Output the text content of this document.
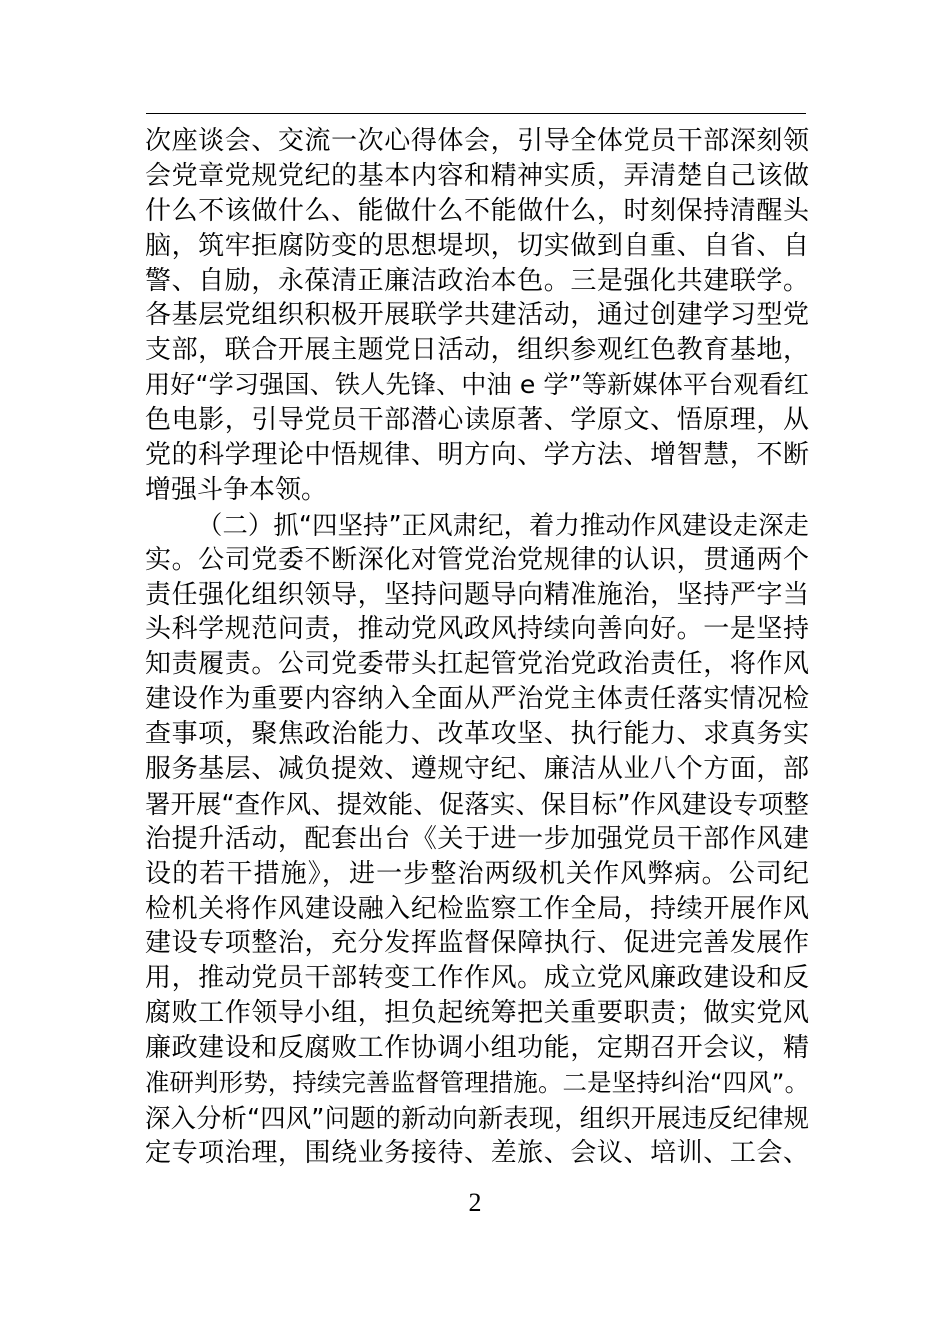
次座谈会、交流一次心得体会，引导全体党员干部深刻领
会党章党规党纪的基本内容和精神实质，弄清楚自己该做
什么不该做什么、能做什么不能做什么，时刻保持清醒头
脑，筑牢拒腐防变的思想堤坝，切实做到自重、自省、自
警、自励，永葆清正廉洁政治本色。三是强化共建联学。
各基层党组织积极开展联学共建活动，通过创建学习型党
支部，联合开展主题党日活动，组织参观红色教育基地，
用好“学习强国、铁人先锋、中油 e 学”等新媒体平台观看红
色电影，引导党员干部潜心读原著、学原文、悟原理，从
党的科学理论中悟规律、明方向、学方法、增智慧，不断
增强斗争本领。
（二）抓“四坚持”正风肃纪，着力推动作风建设走深走
实。公司党委不断深化对管党治党规律的认识，贯通两个
责任强化组织领导，坚持问题导向精准施治，坚持严字当
头科学规范问责，推动党风政风持续向善向好。一是坚持
知责履责。公司党委带头扛起管党治党政治责任，将作风
建设作为重要内容纳入全面从严治党主体责任落实情况检
查事项，聚焦政治能力、改革攻坚、执行能力、求真务实
服务基层、减负提效、遵规守纪、廉洁从业八个方面，部
署开展“查作风、提效能、促落实、保目标”作风建设专项整
治提升活动，配套出台《关于进一步加强党员干部作风建
设的若干措施》，进一步整治两级机关作风弊病。公司纪
检机关将作风建设融入纪检监察工作全局，持续开展作风
建设专项整治，充分发挥监督保障执行、促进完善发展作
用，推动党员干部转变工作作风。成立党风廉政建设和反
腐败工作领导小组，担负起统筹把关重要职责；做实党风
廉政建设和反腐败工作协调小组功能，定期召开会议，精
准研判形势，持续完善监督管理措施。二是坚持纠治“四风”。
深入分析“四风”问题的新动向新表现，组织开展违反纪律规
定专项治理，围绕业务接待、差旅、会议、培训、工会、
2
